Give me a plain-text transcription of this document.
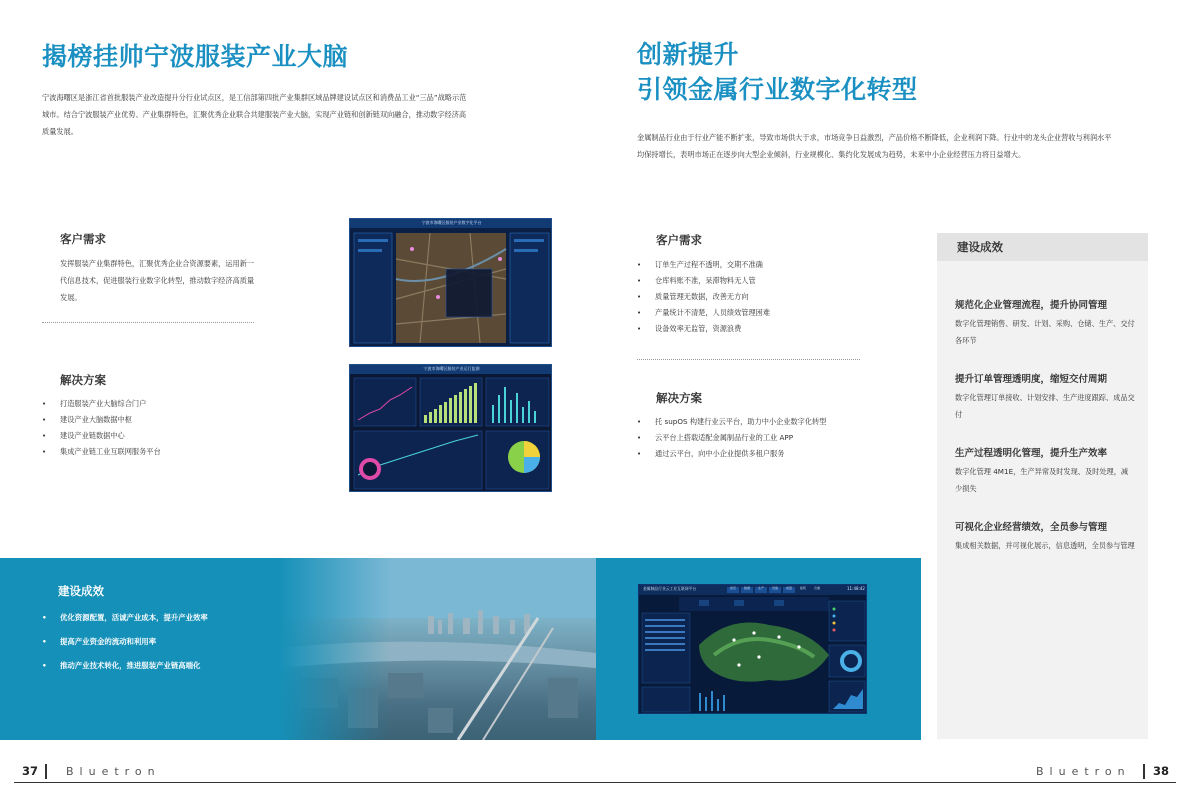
揭榜挂帅宁波服装产业大脑
宁波海曙区是浙江省首批服装产业改造提升分行业试点区，是工信部第四批产业集群区域品牌建设试点区和消费品工业“三品”战略示范城市。结合宁波服装产业优势、产业集群特色，汇聚优秀企业联合共建服装产业大脑，实现产业链和创新链双向融合，推动数字经济高质量发展。
客户需求
发挥服装产业集群特色，汇聚优秀企业合资源要素，运用新一代信息技术，促进服装行业数字化转型，推动数字经济高质量发展。
解决方案
• 打造服装产业大脑综合门户
• 建设产业大脑数据中枢
• 建设产业链数据中心
• 集成产业链工业互联网服务平台
宁波市海曙区服装产业数字化平台
宁波市海曙区服装产业运行监测
建设成效
• 优化资源配置，活诚产业成本，提升产业效率
• 提高产业资金的流动和利用率
• 推动产业技术转化，推进服装产业链高端化
金属制品行业云工业互联网平台	11:48:42
首页	数据	生产	设备	质量	能耗	仓储
创新提升
引领金属行业数字化转型
金属制品行业由于行业产能不断扩张，导致市场供大于求，市场竞争日益激烈，产品价格不断降低，企业利润下降。行业中的龙头企业营收与利润水平均保持增长，表明市场正在逐步向大型企业倾斜，行业规模化、集约化发展成为趋势，未来中小企业经营压力将日益增大。
客户需求
• 订单生产过程不透明，交期不准确
• 仓库料账不准，呆滞物料无人管
• 质量管理无数据，改善无方向
• 产量统计不清楚，人员绩效管理困难
• 设备效率无监管，资源浪费
解决方案
• 托 supOS 构建行业云平台，助力中小企业数字化转型
• 云平台上搭载适配金属制品行业的工业 APP
• 通过云平台，向中小企业提供多租户服务
建设成效
规范化企业管理流程，提升协同管理
数字化管理销售、研发、计划、采购、仓储、生产、交付各环节
提升订单管理透明度，缩短交付周期
数字化管理订单接收、计划安排、生产进度跟踪、成品交付
生产过程透明化管理，提升生产效率
数字化管理 4M1E，生产异常及时发现、及时处理，减少损失
可视化企业经营绩效，全员参与管理
集成相关数据，并可视化展示，信息透明，全员参与管理
37	Bluetron	Bluetron 38
